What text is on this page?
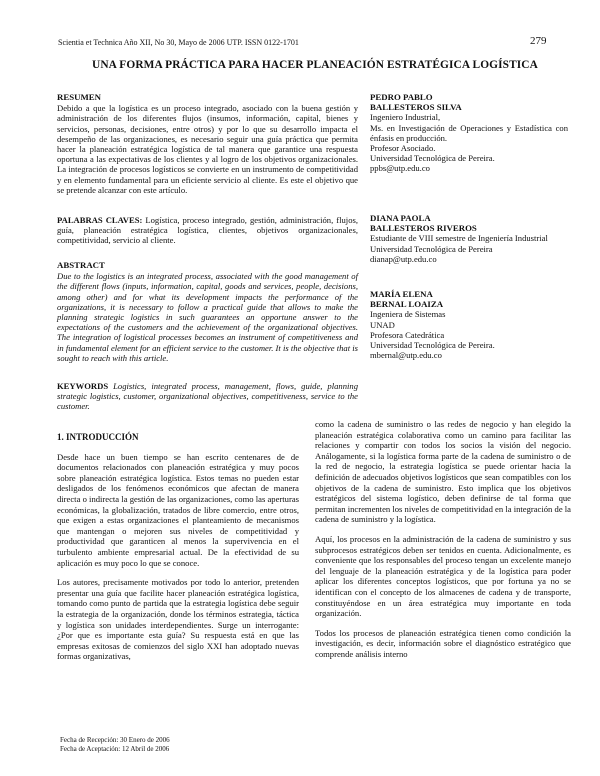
Scientia et Technica Año XII, No 30, Mayo de 2006 UTP. ISSN 0122-1701	279
UNA FORMA PRÁCTICA PARA HACER PLANEACIÓN ESTRATÉGICA LOGÍSTICA
RESUMEN

Debido a que la logística es un proceso integrado, asociado con la buena gestión y administración de los diferentes flujos (insumos, información, capital, bienes y servicios, personas, decisiones, entre otros) y por lo que su desarrollo impacta el desempeño de las organizaciones, es necesario seguir una guía práctica que permita hacer la planeación estratégica logística de tal manera que garantice una respuesta oportuna a las expectativas de los clientes y al logro de los objetivos organizacionales. La integración de procesos logísticos se convierte en un instrumento de competitividad y en elemento fundamental para un eficiente servicio al cliente. Es este el objetivo que se pretende alcanzar con este artículo.

PALABRAS CLAVES: Logística, proceso integrado, gestión, administración, flujos, guía, planeación estratégica logística, clientes, objetivos organizacionales, competitividad, servicio al cliente.

ABSTRACT

Due to the logistics is an integrated process, associated with the good management of the different flows (inputs, information, capital, goods and services, people, decisions, among other) and for what its development impacts the performance of the organizations, it is necessary to follow a practical guide that allows to make the planning strategic logistics in such guarantees an opportune answer to the expectations of the customers and the achievement of the organizational objectives. The integration of logistical processes becomes an instrument of competitiveness and in fundamental element for an efficient service to the customer. It is the objective that is sought to reach with this article.

KEYWORDS Logistics, integrated process, management, flows, guide, planning strategic logistics, customer, organizational objectives, competitiveness, service to the customer.

PEDRO PABLO
BALLESTEROS SILVA
Ingeniero Industrial,
Ms. en Investigación de Operaciones y Estadística con énfasis en producción.
Profesor Asociado.
Universidad Tecnológica de Pereira.
ppbs@utp.edu.co
DIANA PAOLA
BALLESTEROS RIVEROS
Estudiante de VIII semestre de Ingeniería Industrial
Universidad Tecnológica de Pereira
dianap@utp.edu.co
MARÍA ELENA
BERNAL LOAIZA
Ingeniera de Sistemas
UNAD
Profesora Catedrática
Universidad Tecnológica de Pereira.
mbernal@utp.edu.co
1. INTRODUCCIÓN

Desde hace un buen tiempo se han escrito centenares de de documentos relacionados con planeación estratégica y muy pocos sobre planeación estratégica logística. Estos temas no pueden estar desligados de los fenómenos económicos que afectan de manera directa o indirecta la gestión de las organizaciones, como las aperturas económicas, la globalización, tratados de libre comercio, entre otros, que exigen a estas organizaciones el planteamiento de mecanismos que mantengan o mejoren sus niveles de competitividad y productividad que garanticen al menos la supervivencia en el turbulento ambiente empresarial actual. De la efectividad de su aplicación es muy poco lo que se conoce.

Los autores, precisamente motivados por todo lo anterior, pretenden presentar una guía que facilite hacer planeación estratégica logística, tomando como punto de partida que la estrategia logística debe seguir la estrategia de la organización, donde los términos estrategia, táctica y logística son unidades interdependientes. Surge un interrogante: ¿Por que es importante esta guía? Su respuesta está en que las empresas exitosas de comienzos del siglo XXI han adoptado nuevas formas organizativas,

como la cadena de suministro o las redes de negocio y han elegido la planeación estratégica colaborativa como un camino para facilitar las relaciones y compartir con todos los socios la visión del negocio. Análogamente, si la logística forma parte de la cadena de suministro o de la red de negocio, la estrategia logística se puede orientar hacia la definición de adecuados objetivos logísticos que sean compatibles con los objetivos de la cadena de suministro. Esto implica que los objetivos estratégicos del sistema logístico, deben definirse de tal forma que permitan incrementen los niveles de competitividad en la integración de la cadena de suministro y la logística.

Aquí, los procesos en la administración de la cadena de suministro y sus subprocesos estratégicos deben ser tenidos en cuenta. Adicionalmente, es conveniente que los responsables del proceso tengan un excelente manejo del lenguaje de la planeación estratégica y de la logística para poder aplicar los diferentes conceptos logísticos, que por fortuna ya no se identifican con el concepto de los almacenes de cadena y de transporte, constituyéndose en un área estratégica muy importante en toda organización.

Todos los procesos de planeación estratégica tienen como condición la investigación, es decir, información sobre el diagnóstico estratégico que comprende análisis interno

Fecha de Recepción: 30 Enero de 2006
Fecha de Aceptación: 12 Abril de 2006
